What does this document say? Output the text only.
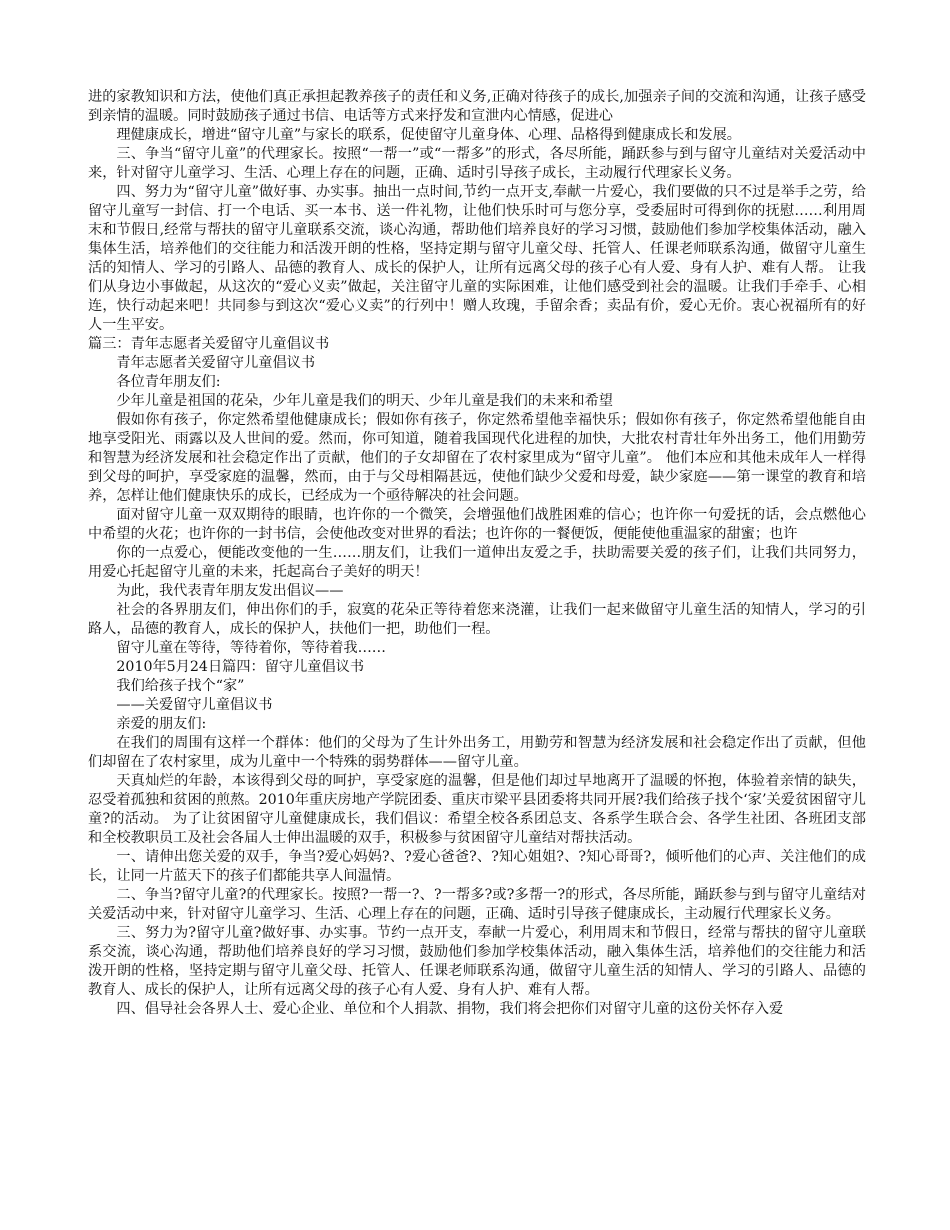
进的家教知识和方法，使他们真正承担起教养孩子的责任和义务,正确对待孩子的成长,加强亲子间的交流和沟通，让孩子感受到亲情的温暖。同时鼓励孩子通过书信、电话等方式来抒发和宣泄内心情感，促进心

理健康成长，增进“留守儿童”与家长的联系，促使留守儿童身体、心理、品格得到健康成长和发展。

三、争当“留守儿童”的代理家长。按照“一帮一”或“一帮多”的形式，各尽所能，踊跃参与到与留守儿童结对关爱活动中来，针对留守儿童学习、生活、心理上存在的问题，正确、适时引导孩子成长，主动履行代理家长义务。

四、努力为“留守儿童”做好事、办实事。抽出一点时间,节约一点开支,奉献一片爱心，我们要做的只不过是举手之劳，给留守儿童写一封信、打一个电话、买一本书、送一件礼物，让他们快乐时可与您分享，受委屈时可得到你的抚慰……利用周末和节假日,经常与帮扶的留守儿童联系交流，谈心沟通，帮助他们培养良好的学习习惯，鼓励他们参加学校集体活动，融入集体生活，培养他们的交往能力和活泼开朗的性格，坚持定期与留守儿童父母、托管人、任课老师联系沟通，做留守儿童生活的知情人、学习的引路人、品德的教育人、成长的保护人，让所有远离父母的孩子心有人爱、身有人护、难有人帮。 让我们从身边小事做起，从这次的“爱心义卖”做起，关注留守儿童的实际困难，让他们感受到社会的温暖。让我们手牵手、心相连，快行动起来吧！共同参与到这次“爱心义卖”的行列中！赠人玫瑰，手留余香；卖品有价，爱心无价。衷心祝福所有的好人一生平安。

篇三：青年志愿者关爱留守儿童倡议书

青年志愿者关爱留守儿童倡议书

各位青年朋友们:

少年儿童是祖国的花朵，少年儿童是我们的明天、少年儿童是我们的未来和希望

假如你有孩子，你定然希望他健康成长；假如你有孩子，你定然希望他幸福快乐；假如你有孩子，你定然希望他能自由地享受阳光、雨露以及人世间的爱。然而，你可知道，随着我国现代化进程的加快，大批农村青壮年外出务工，他们用勤劳和智慧为经济发展和社会稳定作出了贡献，他们的子女却留在了农村家里成为“留守儿童”。 他们本应和其他未成年人一样得到父母的呵护，享受家庭的温馨，然而，由于与父母相隔甚远，使他们缺少父爱和母爱，缺少家庭——第一课堂的教育和培养，怎样让他们健康快乐的成长，已经成为一个亟待解决的社会问题。

面对留守儿童一双双期待的眼睛，也许你的一个微笑，会增强他们战胜困难的信心；也许你一句爱抚的话，会点燃他心中希望的火花；也许你的一封书信，会使他改变对世界的看法；也许你的一餐便饭，便能使他重温家的甜蜜；也许

你的一点爱心，便能改变他的一生……朋友们，让我们一道伸出友爱之手，扶助需要关爱的孩子们，让我们共同努力，用爱心托起留守儿童的未来，托起高台子美好的明天！

为此，我代表青年朋友发出倡议——

社会的各界朋友们，伸出你们的手，寂寞的花朵正等待着您来浇灌，让我们一起来做留守儿童生活的知情人，学习的引路人，品德的教育人，成长的保护人，扶他们一把，助他们一程。

留守儿童在等待，等待着你，等待着我……

2010年5月24日篇四：留守儿童倡议书

我们给孩子找个“家”

——关爱留守儿童倡议书

亲爱的朋友们:

在我们的周围有这样一个群体：他们的父母为了生计外出务工，用勤劳和智慧为经济发展和社会稳定作出了贡献，但他们却留在了农村家里，成为儿童中一个特殊的弱势群体——留守儿童。

天真灿烂的年龄，本该得到父母的呵护，享受家庭的温馨，但是他们却过早地离开了温暖的怀抱，体验着亲情的缺失，忍受着孤独和贫困的煎熬。2010年重庆房地产学院团委、重庆市梁平县团委将共同开展?我们给孩子找个‘家’关爱贫困留守儿童?的活动。 为了让贫困留守儿童健康成长，我们倡议：希望全校各系团总支、各系学生联合会、各学生社团、各班团支部和全校教职员工及社会各届人士伸出温暖的双手，积极参与贫困留守儿童结对帮扶活动。

一、请伸出您关爱的双手，争当?爱心妈妈?、?爱心爸爸?、?知心姐姐?、?知心哥哥?，倾听他们的心声、关注他们的成长，让同一片蓝天下的孩子们都能共享人间温情。

二、争当?留守儿童?的代理家长。按照?一帮一?、?一帮多?或?多帮一?的形式，各尽所能，踊跃参与到与留守儿童结对关爱活动中来，针对留守儿童学习、生活、心理上存在的问题，正确、适时引导孩子健康成长，主动履行代理家长义务。

三、努力为?留守儿童?做好事、办实事。节约一点开支，奉献一片爱心，利用周末和节假日，经常与帮扶的留守儿童联系交流，谈心沟通，帮助他们培养良好的学习习惯，鼓励他们参加学校集体活动，融入集体生活，培养他们的交往能力和活泼开朗的性格，坚持定期与留守儿童父母、托管人、任课老师联系沟通，做留守儿童生活的知情人、学习的引路人、品德的教育人、成长的保护人，让所有远离父母的孩子心有人爱、身有人护、难有人帮。

四、倡导社会各界人士、爱心企业、单位和个人捐款、捐物，我们将会把你们对留守儿童的这份关怀存入爱
